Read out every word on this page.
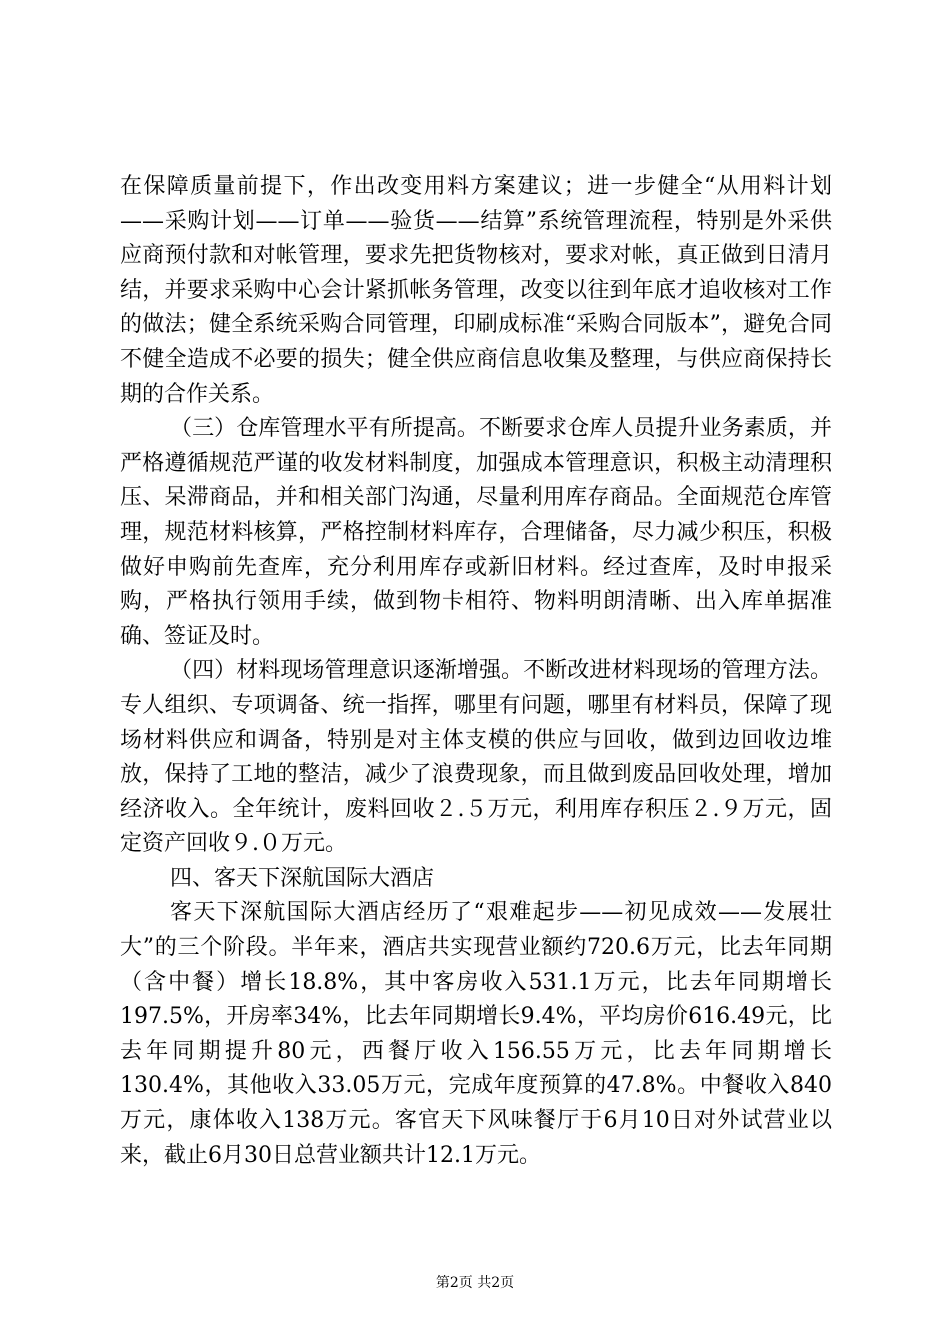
在保障质量前提下，作出改变用料方案建议；进一步健全“从用料计划——采购计划——订单——验货——结算”系统管理流程，特别是外采供应商预付款和对帐管理，要求先把货物核对，要求对帐，真正做到日清月结，并要求采购中心会计紧抓帐务管理，改变以往到年底才追收核对工作的做法；健全系统采购合同管理，印刷成标准“采购合同版本”，避免合同不健全造成不必要的损失；健全供应商信息收集及整理，与供应商保持长期的合作关系。

（三）仓库管理水平有所提高。不断要求仓库人员提升业务素质，并严格遵循规范严谨的收发材料制度，加强成本管理意识，积极主动清理积压、呆滞商品，并和相关部门沟通，尽量利用库存商品。全面规范仓库管理，规范材料核算，严格控制材料库存，合理储备，尽力减少积压，积极做好申购前先查库，充分利用库存或新旧材料。经过查库，及时申报采购，严格执行领用手续，做到物卡相符、物料明朗清晰、出入库单据准确、签证及时。

（四）材料现场管理意识逐渐增强。不断改进材料现场的管理方法。专人组织、专项调备、统一指挥，哪里有问题，哪里有材料员，保障了现场材料供应和调备，特别是对主体支模的供应与回收，做到边回收边堆放，保持了工地的整洁，减少了浪费现象，而且做到废品回收处理，增加经济收入。全年统计，废料回收２.５万元，利用库存积压２.９万元，固定资产回收９.０万元。

四、客天下深航国际大酒店

客天下深航国际大酒店经历了“艰难起步——初见成效——发展壮大”的三个阶段。半年来，酒店共实现营业额约720.6万元，比去年同期（含中餐）增长18.8%，其中客房收入531.1万元，比去年同期增长197.5%，开房率34%，比去年同期增长9.4%，平均房价616.49元，比去年同期提升80元，西餐厅收入156.55万元，比去年同期增长130.4%，其他收入33.05万元，完成年度预算的47.8%。中餐收入840万元，康体收入138万元。客官天下风味餐厅于6月10日对外试营业以来，截止6月30日总营业额共计12.1万元。

第2页 共2页
